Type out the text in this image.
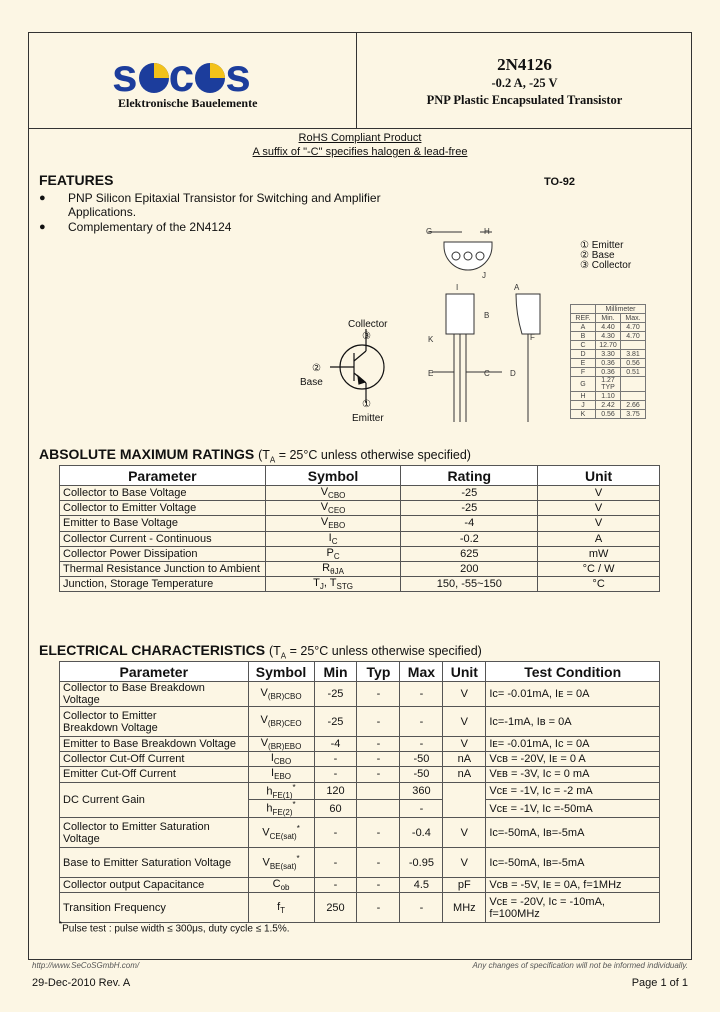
s c s
Elektronische Bauelemente
2N4126
-0.2 A, -25 V
PNP Plastic Encapsulated Transistor
RoHS Compliant Product
A suffix of "-C" specifies halogen & lead-free
FEATURES
● PNP Silicon Epitaxial Transistor for Switching and Amplifier
Applications.
● Complementary of the 2N4124
TO-92
G	H
J
I	A
B
K
E	C	D
F
① Emitter
② Base
③ Collector
	Millimeter	
REF.	Min.	Max.
A	4.40	4.70
B	4.30	4.70
C	12.70	
D	3.30	3.81
E	0.36	0.56
F	0.36	0.51
G	1.27 TYP	
H	1.10	
J	2.42	2.66
K	0.56	3.75
Collector
③
②
Base
①
Emitter
ABSOLUTE MAXIMUM RATINGS ($T_A = 25^\circ C$ unless otherwise specified)
Parameter	Symbol	Rating	Unit
Collector to Base Voltage	$V_{CBO}$	-25	V
Collector to Emitter Voltage	$V_{CEO}$	-25	V
Emitter to Base Voltage	$V_{EBO}$	-4	V
Collector Current - Continuous	$I_C$	-0.2	A
Collector Power Dissipation	$P_C$	625	mW
Thermal Resistance Junction to Ambient	$R_{\theta JA}$	200	°C / W
Junction, Storage Temperature	$T_J$, $T_{STG}$	150, -55~150	°C
ELECTRICAL CHARACTERISTICS ($T_A = 25^\circ C$ unless otherwise specified)
Parameter	Symbol	Min	Typ	Max	Unit	Test Condition
Collector to Base Breakdown Voltage	$V_{(BR)CBO}$	-25	-	-	V	Iᴄ= -0.01mA, Iᴇ = 0A

Collector to Emitter
Breakdown Voltage	$V_{(BR)CEO}$	-25	-	-	V	Iᴄ=-1mA, Iʙ = 0A

Emitter to Base Breakdown Voltage	$V_{(BR)EBO}$	-4	-	-	V	Iᴇ= -0.01mA, Iᴄ = 0A

Collector Cut-Off Current	$I_{CBO}$	-	-	-50	nA	Vᴄʙ = -20V, Iᴇ = 0 A

Emitter Cut-Off Current	$I_{EBO}$	-	-	-50	nA	Vᴇʙ = -3V, Iᴄ = 0 mA

DC Current Gain	$h_{FE(1)}^*$	120		360		Vᴄᴇ = -1V, Iᴄ = -2 mA

	$h_{FE(2)}^*$	60		-		Vᴄᴇ = -1V, Iᴄ =-50mA

Collector to Emitter Saturation Voltage	$V_{CE(sat)}^*$	-	-	-0.4	V	Iᴄ=-50mA, Iʙ=-5mA

Base to Emitter Saturation Voltage	$V_{BE(sat)}^*$	-	-	-0.95	V	Iᴄ=-50mA, Iʙ=-5mA

Collector output Capacitance	$C_{ob}$	-	-	4.5	pF	Vᴄʙ = -5V, Iᴇ = 0A, f=1MHz

Transition Frequency	$f_T$	250	-	-	MHz	Vᴄᴇ = -20V, Iᴄ = -10mA,
f=100MHz
*Pulse test : pulse width ≤ 300μs, duty cycle ≤ 1.5%.
http://www.SeCoSGmbH.com/	Any changes of specification will not be informed individually.
29-Dec-2010 Rev. A	Page 1 of 1
